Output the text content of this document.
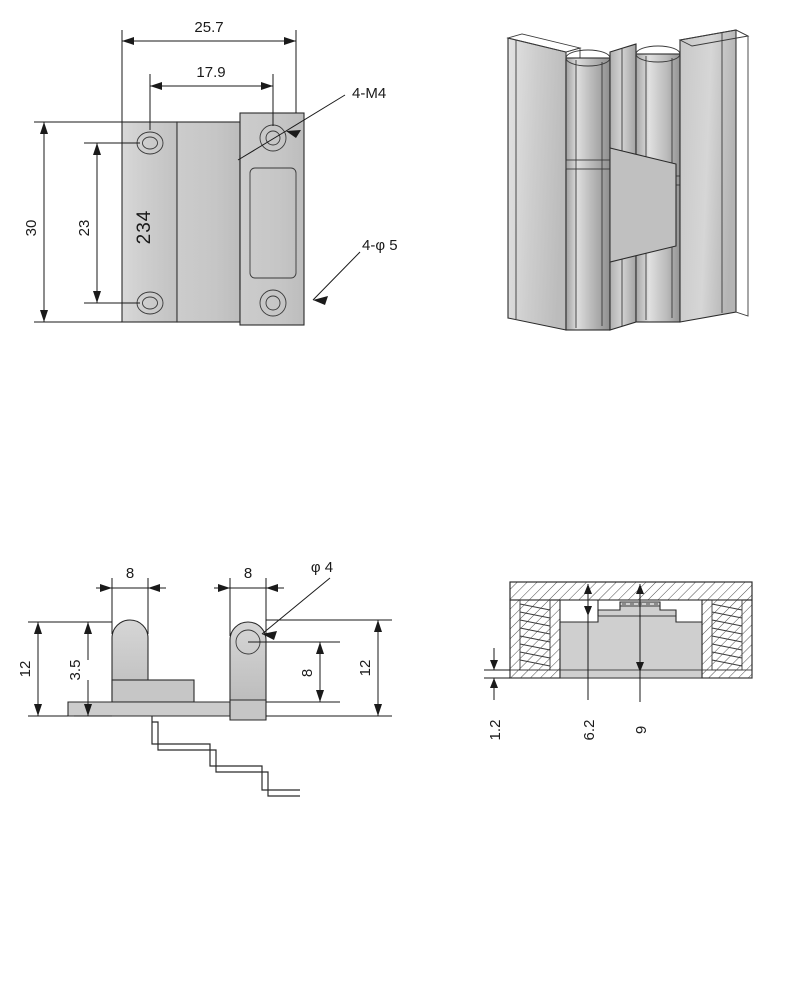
234
25.7
17.9
30 23
4-M4
4-φ 5
8	8
12 3.5	8	12
φ 4
1.2	6.2 9
